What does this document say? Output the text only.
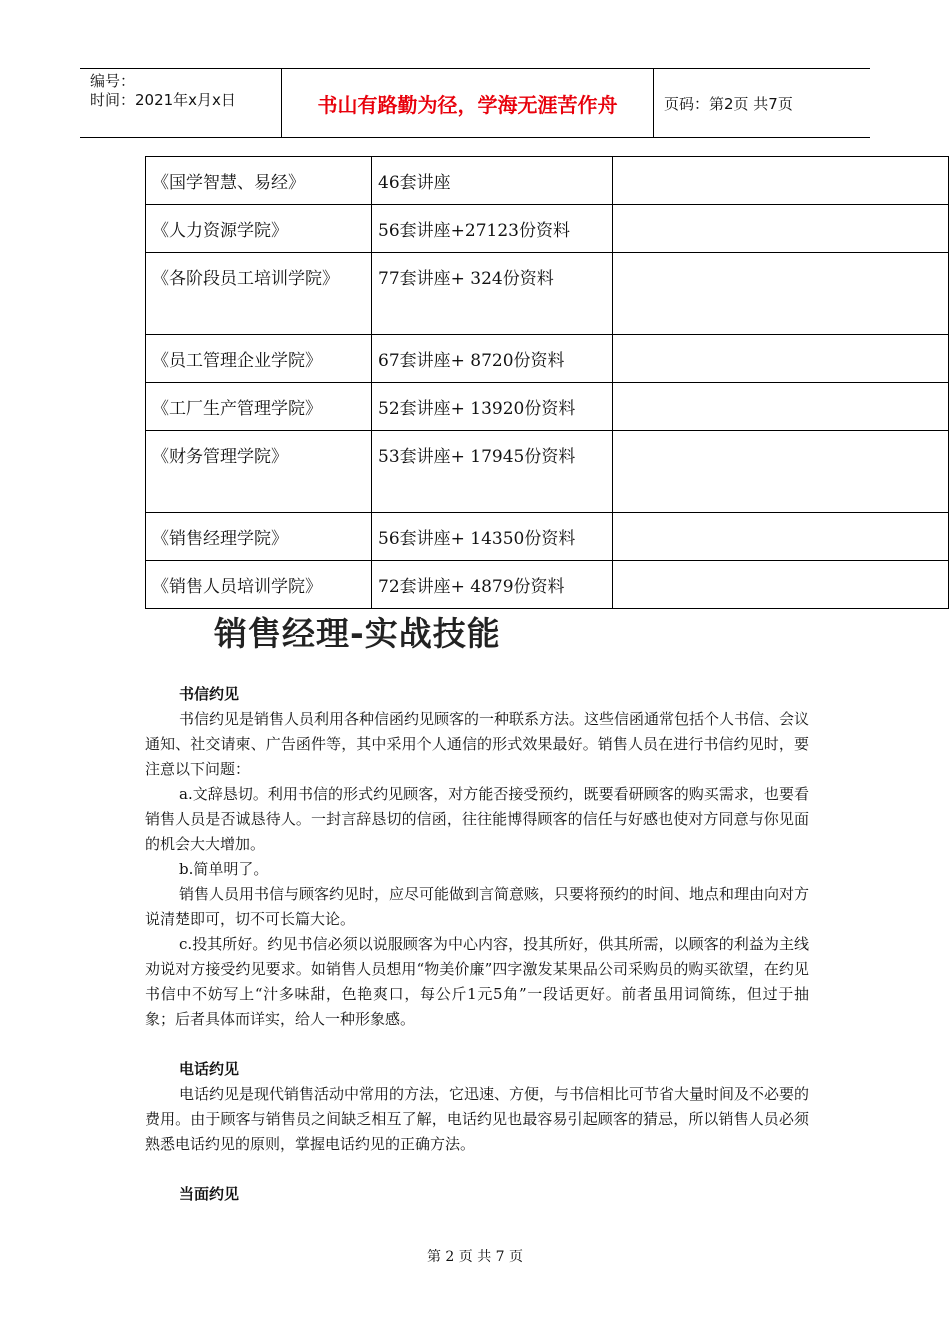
编号：
时间：2021年x月x日	书山有路勤为径，学海无涯苦作舟	页码：第2页 共7页
《国学智慧、易经》	46套讲座	
《人力资源学院》	56套讲座+27123份资料	
《各阶段员工培训学院》	77套讲座+ 324份资料	
《员工管理企业学院》	67套讲座+ 8720份资料	
《工厂生产管理学院》	52套讲座+ 13920份资料	
《财务管理学院》	53套讲座+ 17945份资料	
《销售经理学院》	56套讲座+ 14350份资料	
《销售人员培训学院》	72套讲座+ 4879份资料	
销售经理-实战技能
书信约见

书信约见是销售人员利用各种信函约见顾客的一种联系方法。这些信函通常包括个人书信、会议通知、社交请柬、广告函件等，其中采用个人通信的形式效果最好。销售人员在进行书信约见时，要注意以下问题：

a.文辞恳切。利用书信的形式约见顾客，对方能否接受预约，既要看研顾客的购买需求，也要看销售人员是否诚恳待人。一封言辞恳切的信函，往往能博得顾客的信任与好感也使对方同意与你见面的机会大大增加。

b.简单明了。

销售人员用书信与顾客约见时，应尽可能做到言简意赅，只要将预约的时间、地点和理由向对方说清楚即可，切不可长篇大论。

c.投其所好。约见书信必须以说服顾客为中心内容，投其所好，供其所需，以顾客的利益为主线劝说对方接受约见要求。如销售人员想用“物美价廉”四字激发某果品公司采购员的购买欲望，在约见书信中不妨写上“汁多味甜，色艳爽口，每公斤1元5角”一段话更好。前者虽用词简练，但过于抽象；后者具体而详实，给人一种形象感。

电话约见

电话约见是现代销售活动中常用的方法，它迅速、方便，与书信相比可节省大量时间及不必要的费用。由于顾客与销售员之间缺乏相互了解，电话约见也最容易引起顾客的猜忌，所以销售人员必须熟悉电话约见的原则，掌握电话约见的正确方法。

当面约见
第 2 页 共 7 页
